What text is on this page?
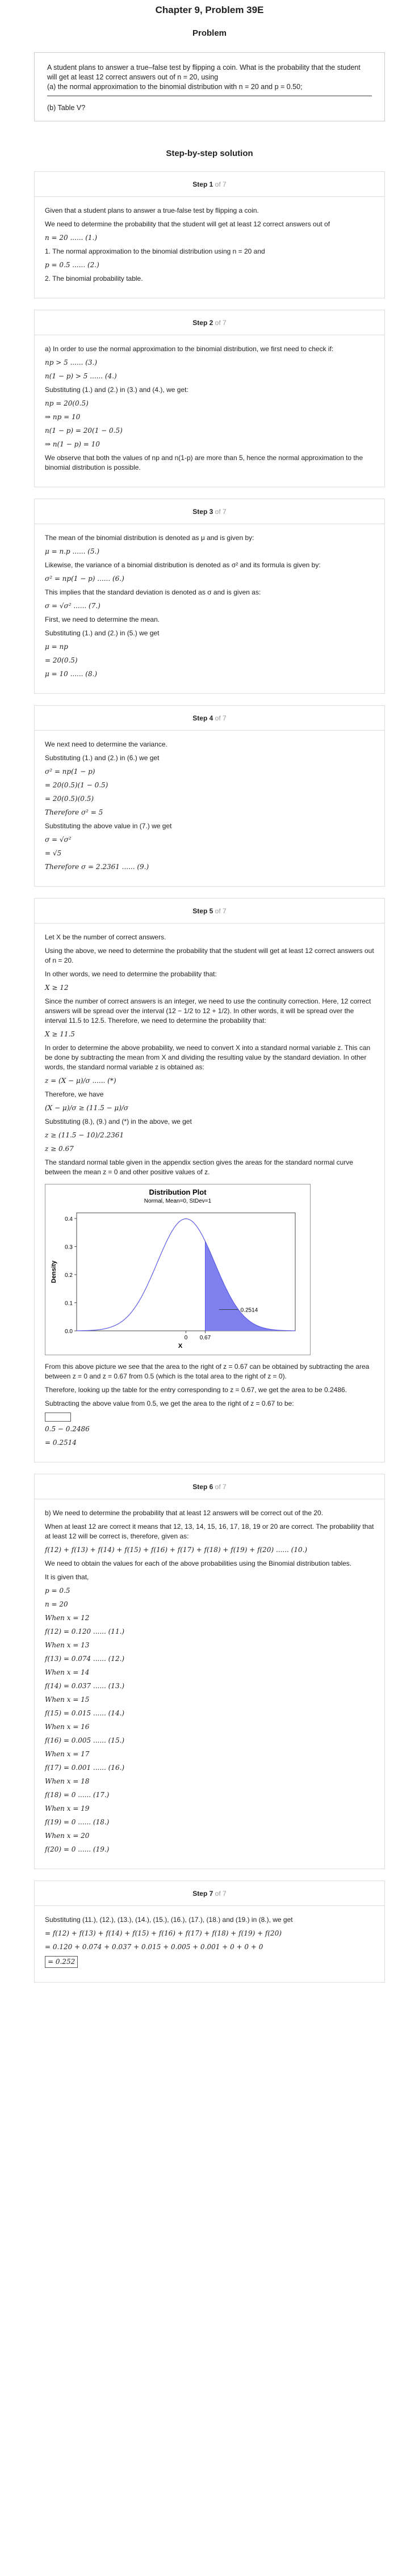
Chapter 9, Problem 39E
Problem

A student plans to answer a true–false test by flipping a coin. What is the probability that the student will get at least 12 correct answers out of n = 20, using

(a) the normal approximation to the binomial distribution with n = 20 and p = 0.50;

(b) Table V?

Step-by-step solution
Step 1 of 7

Given that a student plans to answer a true-false test by flipping a coin.

We need to determine the probability that the student will get at least 12 correct answers out of

n = 20 ...... (1.)

1. The normal approximation to the binomial distribution using n = 20 and

p = 0.5 ...... (2.)

2. The binomial probability table.

Step 2 of 7

a) In order to use the normal approximation to the binomial distribution, we first need to check if:

np > 5 ...... (3.)

n(1 − p) > 5 ...... (4.)

Substituting (1.) and (2.) in (3.) and (4.), we get:

np = 20(0.5)

⇒ np = 10

n(1 − p) = 20(1 − 0.5)

⇒ n(1 − p) = 10

We observe that both the values of np and n(1-p) are more than 5, hence the normal approximation to the binomial distribution is possible.

Step 3 of 7

The mean of the binomial distribution is denoted as μ and is given by:

μ = n.p ...... (5.)

Likewise, the variance of a binomial distribution is denoted as σ² and its formula is given by:

σ² = np(1 − p) ...... (6.)

This implies that the standard deviation is denoted as σ and is given as:

σ = √σ² ...... (7.)

First, we need to determine the mean.

Substituting (1.) and (2.) in (5.) we get

μ = np

= 20(0.5)

μ = 10 ...... (8.)

Step 4 of 7

We next need to determine the variance.

Substituting (1.) and (2.) in (6.) we get

σ² = np(1 − p)

= 20(0.5)(1 − 0.5)

= 20(0.5)(0.5)

Therefore σ² = 5

Substituting the above value in (7.) we get

σ = √σ²

= √5

Therefore σ = 2.2361 ...... (9.)

Step 5 of 7

Let X be the number of correct answers.

Using the above, we need to determine the probability that the student will get at least 12 correct answers out of n = 20.

In other words, we need to determine the probability that:

X ≥ 12

Since the number of correct answers is an integer, we need to use the continuity correction. Here, 12 correct answers will be spread over the interval (12 − 1/2 to 12 + 1/2). In other words, it will be spread over the interval 11.5 to 12.5. Therefore, we need to determine the probability that:

X ≥ 11.5

In order to determine the above probability, we need to convert X into a standard normal variable z. This can be done by subtracting the mean from X and dividing the resulting value by the standard deviation. In other words, the standard normal variable z is obtained as:

z = (X − μ)/σ ...... (*)

Therefore, we have

(X − μ)/σ ≥ (11.5 − μ)/σ

Substituting (8.), (9.) and (*) in the above, we get

z ≥ (11.5 − 10)/2.2361

z ≥ 0.67

The standard normal table given in the appendix section gives the areas for the standard normal curve between the mean z = 0 and other positive values of z.

Distribution Plot
Normal, Mean=0, StDev=1
0.0
0.1
0.2
0.3
0.4
0 0.67
X
Density
0.2514

From this above picture we see that the area to the right of z = 0.67 can be obtained by subtracting the area between z = 0 and z = 0.67 from 0.5 (which is the total area to the right of z = 0).

Therefore, looking up the table for the entry corresponding to z = 0.67, we get the area to be 0.2486.

Subtracting the above value from 0.5, we get the area to the right of z = 0.67 to be:

0.5 − 0.2486

= 0.2514

Step 6 of 7

b) We need to determine the probability that at least 12 answers will be correct out of the 20.

When at least 12 are correct it means that 12, 13, 14, 15, 16, 17, 18, 19 or 20 are correct. The probability that at least 12 will be correct is, therefore, given as:

f(12) + f(13) + f(14) + f(15) + f(16) + f(17) + f(18) + f(19) + f(20) ...... (10.)

We need to obtain the values for each of the above probabilities using the Binomial distribution tables.

It is given that,

p = 0.5

n = 20

When x = 12

f(12) = 0.120 ...... (11.)

When x = 13

f(13) = 0.074 ...... (12.)

When x = 14

f(14) = 0.037 ...... (13.)

When x = 15

f(15) = 0.015 ...... (14.)

When x = 16

f(16) = 0.005 ...... (15.)

When x = 17

f(17) = 0.001 ...... (16.)

When x = 18

f(18) = 0 ...... (17.)

When x = 19

f(19) = 0 ...... (18.)

When x = 20

f(20) = 0 ...... (19.)

Step 7 of 7

Substituting (11.), (12.), (13.), (14.), (15.), (16.), (17.), (18.) and (19.) in (8.), we get

= f(12) + f(13) + f(14) + f(15) + f(16) + f(17) + f(18) + f(19) + f(20)

= 0.120 + 0.074 + 0.037 + 0.015 + 0.005 + 0.001 + 0 + 0 + 0

= 0.252
